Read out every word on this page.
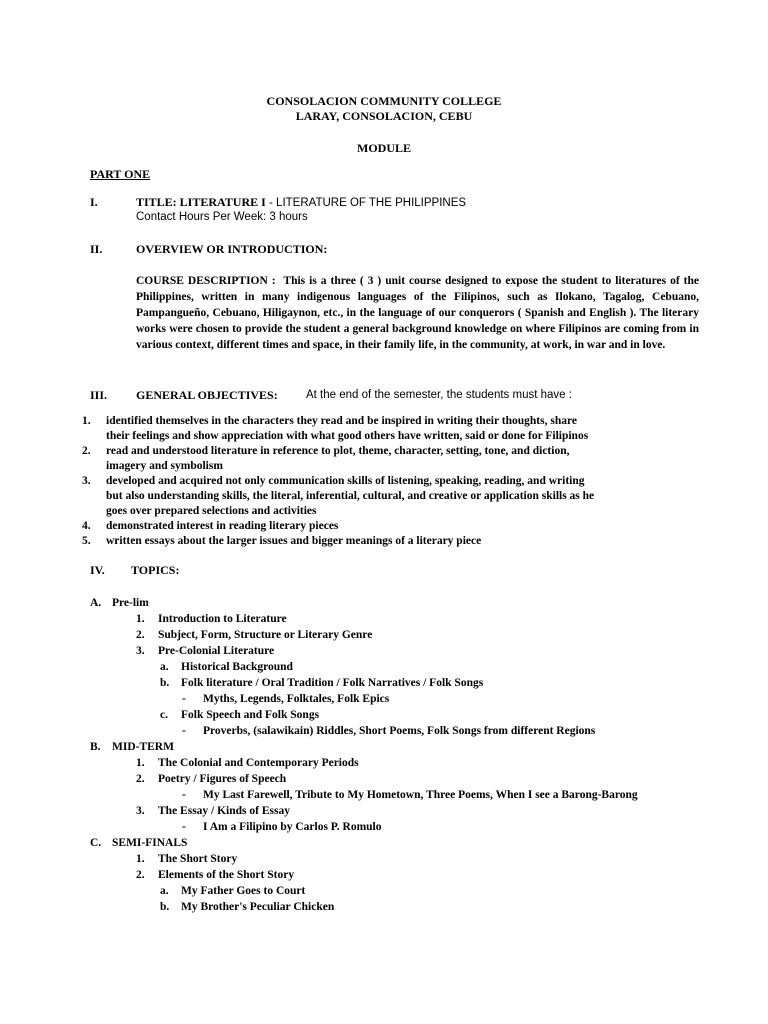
CONSOLACION COMMUNITY COLLEGE
LARAY, CONSOLACION, CEBU
MODULE
PART ONE
I.	TITLE: LITERATURE I - LITERATURE OF THE PHILIPPINES
Contact Hours Per Week: 3 hours
II.	OVERVIEW OR INTRODUCTION:
COURSE DESCRIPTION : This is a three ( 3 ) unit course designed to expose the student to literatures of the Philippines, written in many indigenous languages of the Filipinos, such as Ilokano, Tagalog, Cebuano, Pampangueño, Cebuano, Hiligaynon, etc., in the language of our conquerors ( Spanish and English ). The literary works were chosen to provide the student a general background knowledge on where Filipinos are coming from in various context, different times and space, in their family life, in the community, at work, in war and in love.
III. GENERAL OBJECTIVES: At the end of the semester, the students must have :
1. identified themselves in the characters they read and be inspired in writing their thoughts, share
their feelings and show appreciation with what good others have written, said or done for Filipinos
2. read and understood literature in reference to plot, theme, character, setting, tone, and diction,
imagery and symbolism
3. developed and acquired not only communication skills of listening, speaking, reading, and writing
but also understanding skills, the literal, inferential, cultural, and creative or application skills as he
goes over prepared selections and activities
4. demonstrated interest in reading literary pieces
5. written essays about the larger issues and bigger meanings of a literary piece
IV. TOPICS:
A. Pre-lim
1. Introduction to Literature
2. Subject, Form, Structure or Literary Genre
3. Pre-Colonial Literature
a. Historical Background
b. Folk literature / Oral Tradition / Folk Narratives / Folk Songs
- Myths, Legends, Folktales, Folk Epics
c. Folk Speech and Folk Songs
- Proverbs, (salawikain) Riddles, Short Poems, Folk Songs from different Regions
B. MID-TERM
1. The Colonial and Contemporary Periods
2. Poetry / Figures of Speech
- My Last Farewell, Tribute to My Hometown, Three Poems, When I see a Barong-Barong
3. The Essay / Kinds of Essay
- I Am a Filipino by Carlos P. Romulo
C. SEMI-FINALS
1. The Short Story
2. Elements of the Short Story
a. My Father Goes to Court
b. My Brother's Peculiar Chicken
